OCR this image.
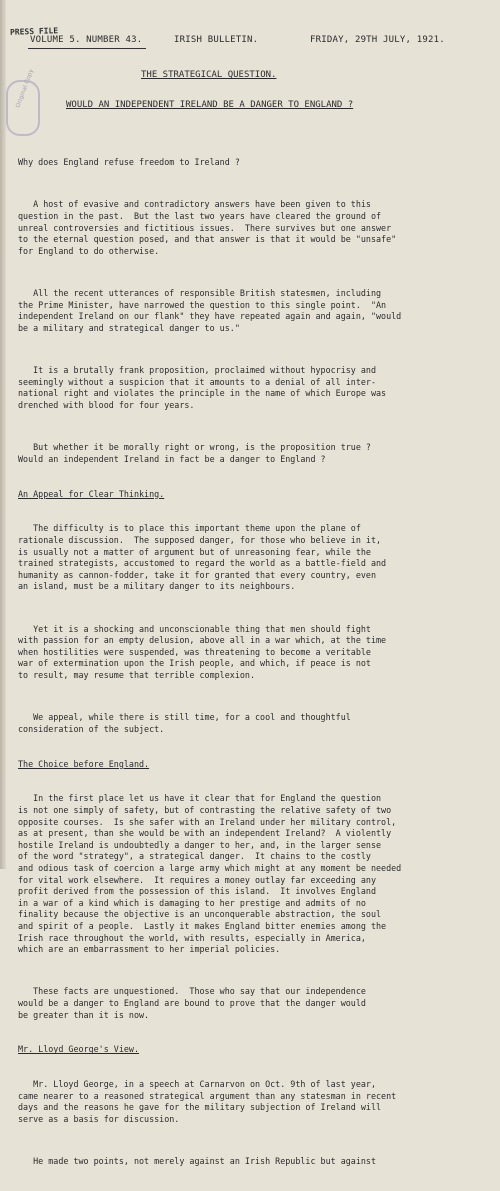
PRESS FILE
VOLUME 5. NUMBER 43.	IRISH BULLETIN.	FRIDAY, 29TH JULY, 1921.
Original Copy	THE STRATEGICAL QUESTION.
WOULD AN INDEPENDENT IRELAND BE A DANGER TO ENGLAND ?

Why does England refuse freedom to Ireland ?

A host of evasive and contradictory answers have been given to this
question in the past.  But the last two years have cleared the ground of
unreal controversies and fictitious issues.  There survives but one answer
to the eternal question posed, and that answer is that it would be "unsafe"
for England to do otherwise.

All the recent utterances of responsible British statesmen, including
the Prime Minister, have narrowed the question to this single point.  "An
independent Ireland on our flank" they have repeated again and again, "would
be a military and strategical danger to us."

It is a brutally frank proposition, proclaimed without hypocrisy and
seemingly without a suspicion that it amounts to a denial of all inter-
national right and violates the principle in the name of which Europe was
drenched with blood for four years.

But whether it be morally right or wrong, is the proposition true ?
Would an independent Ireland in fact be a danger to England ?

An Appeal for Clear Thinking.

The difficulty is to place this important theme upon the plane of
rationale discussion.  The supposed danger, for those who believe in it,
is usually not a matter of argument but of unreasoning fear, while the
trained strategists, accustomed to regard the world as a battle-field and
humanity as cannon-fodder, take it for granted that every country, even
an island, must be a military danger to its neighbours.

Yet it is a shocking and unconscionable thing that men should fight
with passion for an empty delusion, above all in a war which, at the time
when hostilities were suspended, was threatening to become a veritable
war of extermination upon the Irish people, and which, if peace is not
to result, may resume that terrible complexion.

We appeal, while there is still time, for a cool and thoughtful
consideration of the subject.

The Choice before England.

In the first place let us have it clear that for England the question
is not one simply of safety, but of contrasting the relative safety of two
opposite courses.  Is she safer with an Ireland under her military control,
as at present, than she would be with an independent Ireland?  A violently
hostile Ireland is undoubtedly a danger to her, and, in the larger sense
of the word "strategy", a strategical danger.  It chains to the costly
and odious task of coercion a large army which might at any moment be needed
for vital work elsewhere.  It requires a money outlay far exceeding any
profit derived from the possession of this island.  It involves England
in a war of a kind which is damaging to her prestige and admits of no
finality because the objective is an unconquerable abstraction, the soul
and spirit of a people.  Lastly it makes England bitter enemies among the
Irish race throughout the world, with results, especially in America,
which are an embarrassment to her imperial policies.

These facts are unquestioned.  Those who say that our independence
would be a danger to England are bound to prove that the danger would
be greater than it is now.

Mr. Lloyd George's View.

Mr. Lloyd George, in a speech at Carnarvon on Oct. 9th of last year,
came nearer to a reasoned strategical argument than any statesman in recent
days and the reasons he gave for the military subjection of Ireland will
serve as a basis for discussion.

He made two points, not merely against an Irish Republic but against
